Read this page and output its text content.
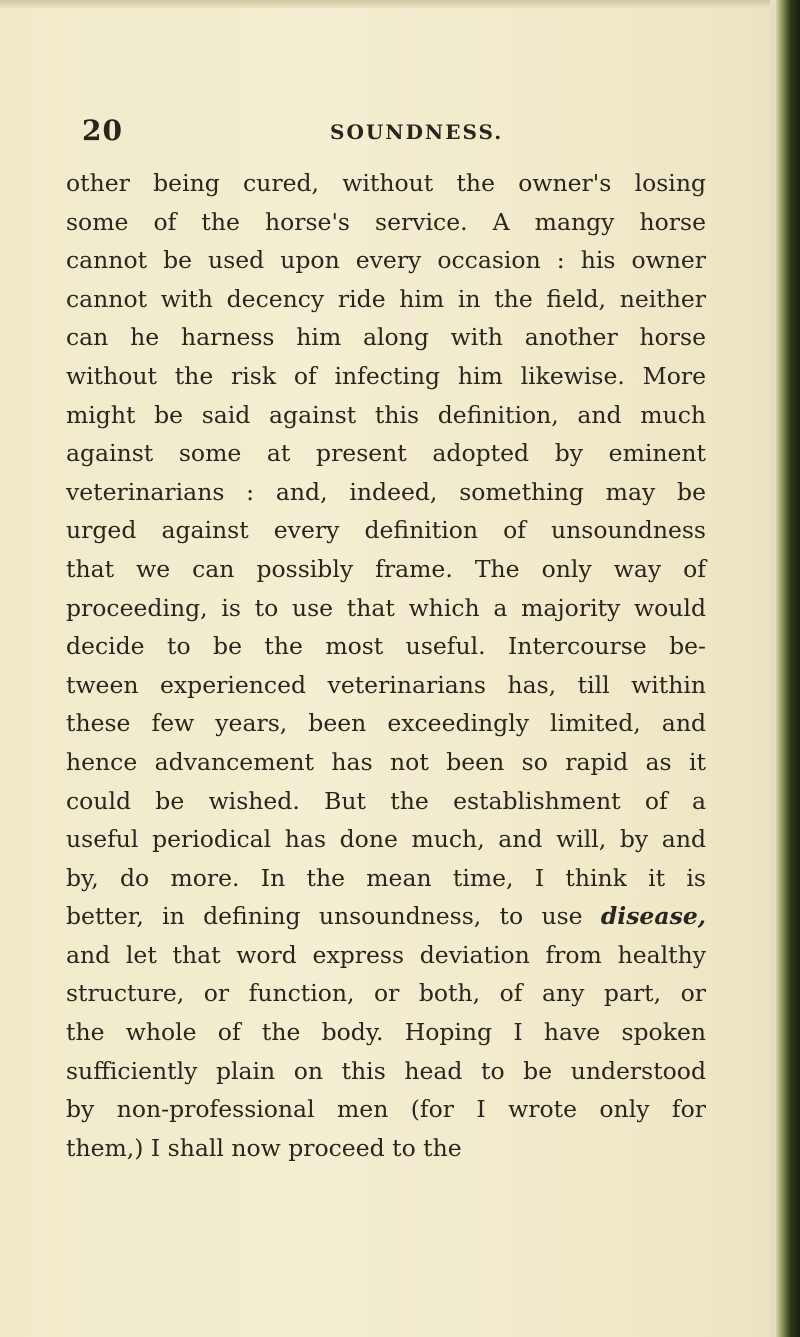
20	SOUNDNESS.
other being cured, without the owner's losing
some of the horse's service. A mangy horse
cannot be used upon every occasion : his owner
cannot with decency ride him in the field, neither
can he harness him along with another horse
without the risk of infecting him likewise. More
might be said against this definition, and much
against some at present adopted by eminent
veterinarians : and, indeed, something may be
urged against every definition of unsoundness
that we can possibly frame. The only way of
proceeding, is to use that which a majority would
decide to be the most useful. Intercourse be-
tween experienced veterinarians has, till within
these few years, been exceedingly limited, and
hence advancement has not been so rapid as it
could be wished. But the establishment of a
useful periodical has done much, and will, by and
by, do more. In the mean time, I think it is
better, in defining unsoundness, to use disease,
and let that word express deviation from healthy
structure, or function, or both, of any part, or
the whole of the body. Hoping I have spoken
sufficiently plain on this head to be understood
by non-professional men (for I wrote only for
them,) I shall now proceed to the
